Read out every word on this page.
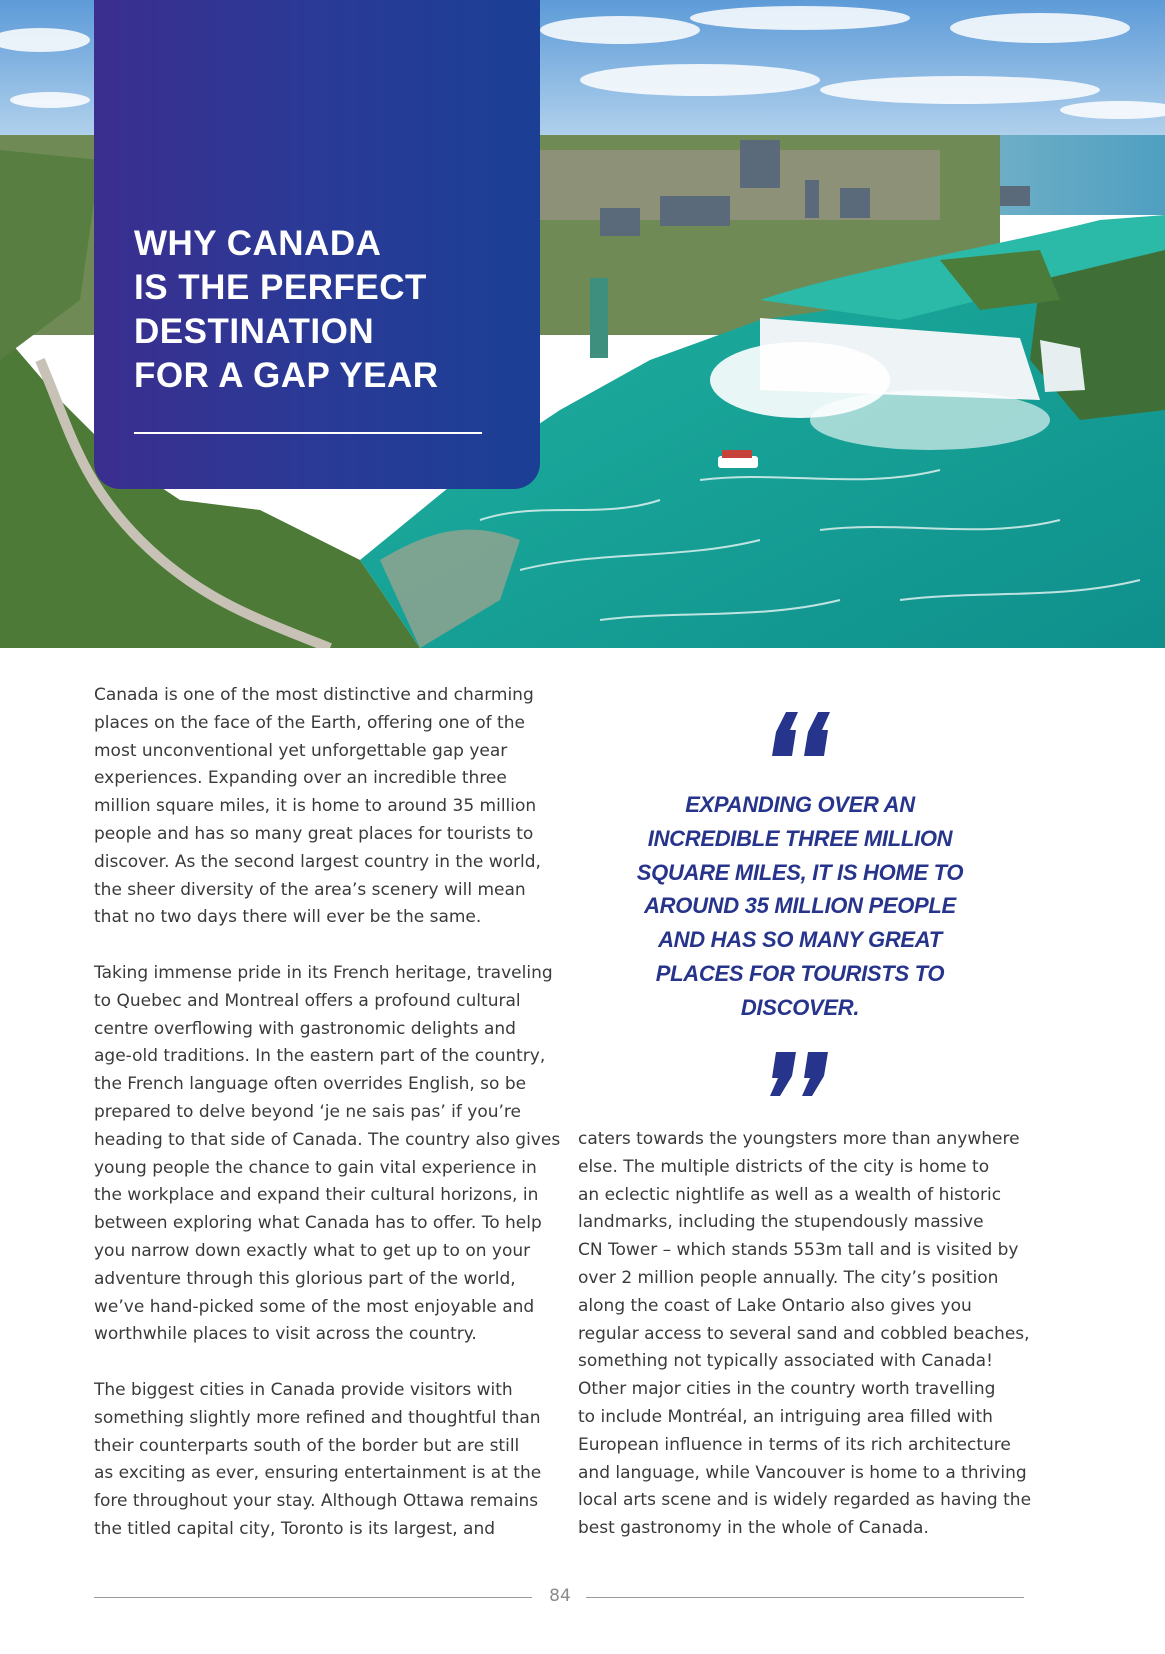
WHY CANADA
IS THE PERFECT
DESTINATION
FOR A GAP YEAR

Canada is one of the most distinctive and charming

places on the face of the Earth, offering one of the

most unconventional yet unforgettable gap year

experiences. Expanding over an incredible three

million square miles, it is home to around 35 million

people and has so many great places for tourists to

discover. As the second largest country in the world,

the sheer diversity of the area’s scenery will mean

that no two days there will ever be the same.

Taking immense pride in its French heritage, traveling

to Quebec and Montreal offers a profound cultural

centre overflowing with gastronomic delights and

age-old traditions. In the eastern part of the country,

the French language often overrides English, so be

prepared to delve beyond ‘je ne sais pas’ if you’re

heading to that side of Canada. The country also gives

young people the chance to gain vital experience in

the workplace and expand their cultural horizons, in

between exploring what Canada has to offer. To help

you narrow down exactly what to get up to on your

adventure through this glorious part of the world,

we’ve hand-picked some of the most enjoyable and

worthwhile places to visit across the country.

The biggest cities in Canada provide visitors with

something slightly more refined and thoughtful than

their counterparts south of the border but are still

as exciting as ever, ensuring entertainment is at the

fore throughout your stay. Although Ottawa remains

the titled capital city, Toronto is its largest, and

EXPANDING OVER AN
INCREDIBLE THREE MILLION
SQUARE MILES, IT IS HOME TO
AROUND 35 MILLION PEOPLE
AND HAS SO MANY GREAT
PLACES FOR TOURISTS TO
DISCOVER.

caters towards the youngsters more than anywhere

else. The multiple districts of the city is home to

an eclectic nightlife as well as a wealth of historic

landmarks, including the stupendously massive

CN Tower – which stands 553m tall and is visited by

over 2 million people annually. The city’s position

along the coast of Lake Ontario also gives you

regular access to several sand and cobbled beaches,

something not typically associated with Canada!

Other major cities in the country worth travelling

to include Montréal, an intriguing area filled with

European influence in terms of its rich architecture

and language, while Vancouver is home to a thriving

local arts scene and is widely regarded as having the

best gastronomy in the whole of Canada.

84
